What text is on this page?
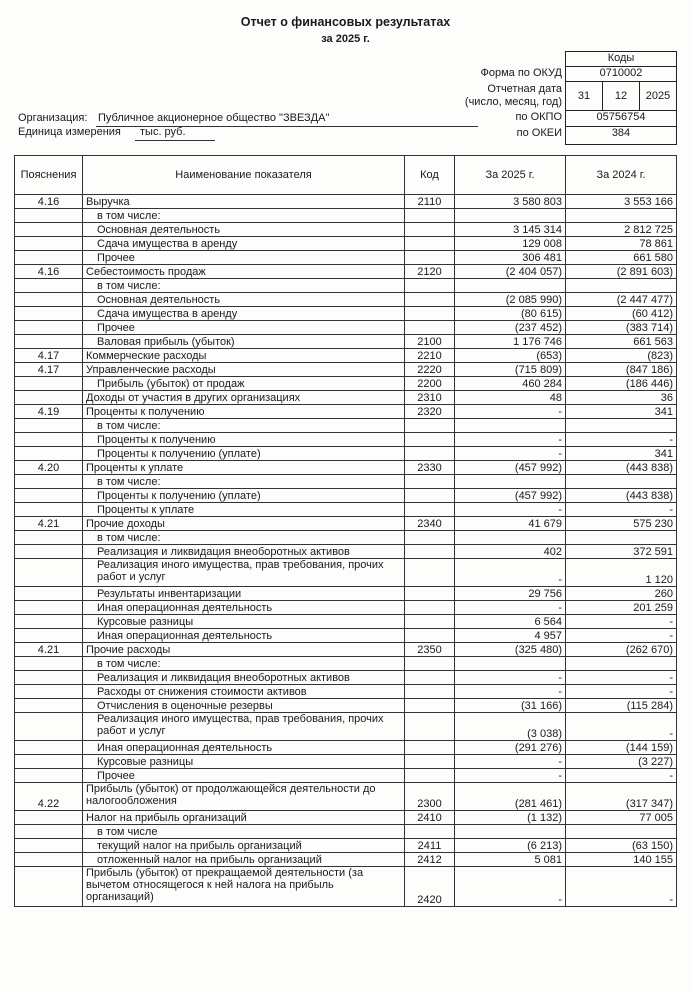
Отчет о финансовых результатах
за 2025 г.
Коды
0710002
31	12	2025
05756754
384
Форма по ОКУД
Отчетная дата
(число, месяц, год)
по ОКПО
по ОКЕИ
Организация: Публичное акционерное общество "ЗВЕЗДА"
Единица измерения тыс. руб.
Пояснения	Наименование показателя	Код	За 2025 г.	За 2024 г.
4.16	Выручка	2110	3 580 803	3 553 166
	в том числе:			
	Основная деятельность		3 145 314	2 812 725
	Сдача имущества в аренду		129 008	78 861
	Прочее		306 481	661 580
4.16	Себестоимость продаж	2120	(2 404 057)	(2 891 603)
	в том числе:			
	Основная деятельность		(2 085 990)	(2 447 477)
	Сдача имущества в аренду		(80 615)	(60 412)
	Прочее		(237 452)	(383 714)
	Валовая прибыль (убыток)	2100	1 176 746	661 563
4.17	Коммерческие расходы	2210	(653)	(823)
4.17	Управленческие расходы	2220	(715 809)	(847 186)
	Прибыль (убыток) от продаж	2200	460 284	(186 446)
	Доходы от участия в других организациях	2310	48	36
4.19	Проценты к получению	2320	-	341
	в том числе:			
	Проценты к получению		-	-
	Проценты к получению (уплате)		-	341
4.20	Проценты к уплате	2330	(457 992)	(443 838)
	в том числе:			
	Проценты к получению (уплате)		(457 992)	(443 838)
	Проценты к уплате		-	-
4.21	Прочие доходы	2340	41 679	575 230
	в том числе:			
	Реализация и ликвидация внеоборотных активов		402	372 591
	Реализация иного имущества, прав требования, прочих работ и услуг		-	1 120
	Результаты инвентаризации		29 756	260
	Иная операционная деятельность		-	201 259
	Курсовые разницы		6 564	-
	Иная операционная деятельность		4 957	-
4.21	Прочие расходы	2350	(325 480)	(262 670)
	в том числе:			
	Реализация и ликвидация внеоборотных активов		-	-
	Расходы от снижения стоимости активов		-	-
	Отчисления в оценочные резервы		(31 166)	(115 284)
	Реализация иного имущества, прав требования, прочих работ и услуг		(3 038)	-
	Иная операционная деятельность		(291 276)	(144 159)
	Курсовые разницы		-	(3 227)
	Прочее		-	-
4.22	Прибыль (убыток) от продолжающейся деятельности до налогообложения	2300	(281 461)	(317 347)
	Налог на прибыль организаций	2410	(1 132)	77 005
	в том числе			
	текущий налог на прибыль организаций	2411	(6 213)	(63 150)
	отложенный налог на прибыль организаций	2412	5 081	140 155
	Прибыль (убыток) от прекращаемой деятельности (за вычетом относящегося к ней налога на прибыль организаций)	2420	-	-
